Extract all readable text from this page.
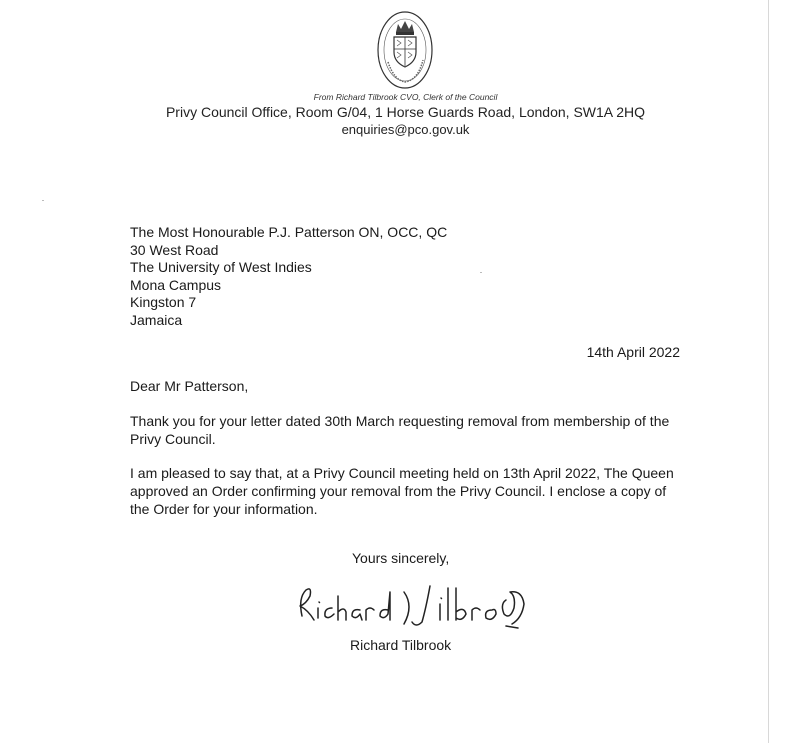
From Richard Tilbrook CVO, Clerk of the Council
Privy Council Office, Room G/04, 1 Horse Guards Road, London, SW1A 2HQ
enquiries@pco.gov.uk
The Most Honourable P.J. Patterson ON, OCC, QC
30 West Road
The University of West Indies
Mona Campus
Kingston 7
Jamaica
14th April 2022
Dear Mr Patterson,
Thank you for your letter dated 30th March requesting removal from membership of the Privy Council.
I am pleased to say that, at a Privy Council meeting held on 13th April 2022, The Queen approved an Order confirming your removal from the Privy Council. I enclose a copy of the Order for your information.
Yours sincerely,
Richard Tilbrook
